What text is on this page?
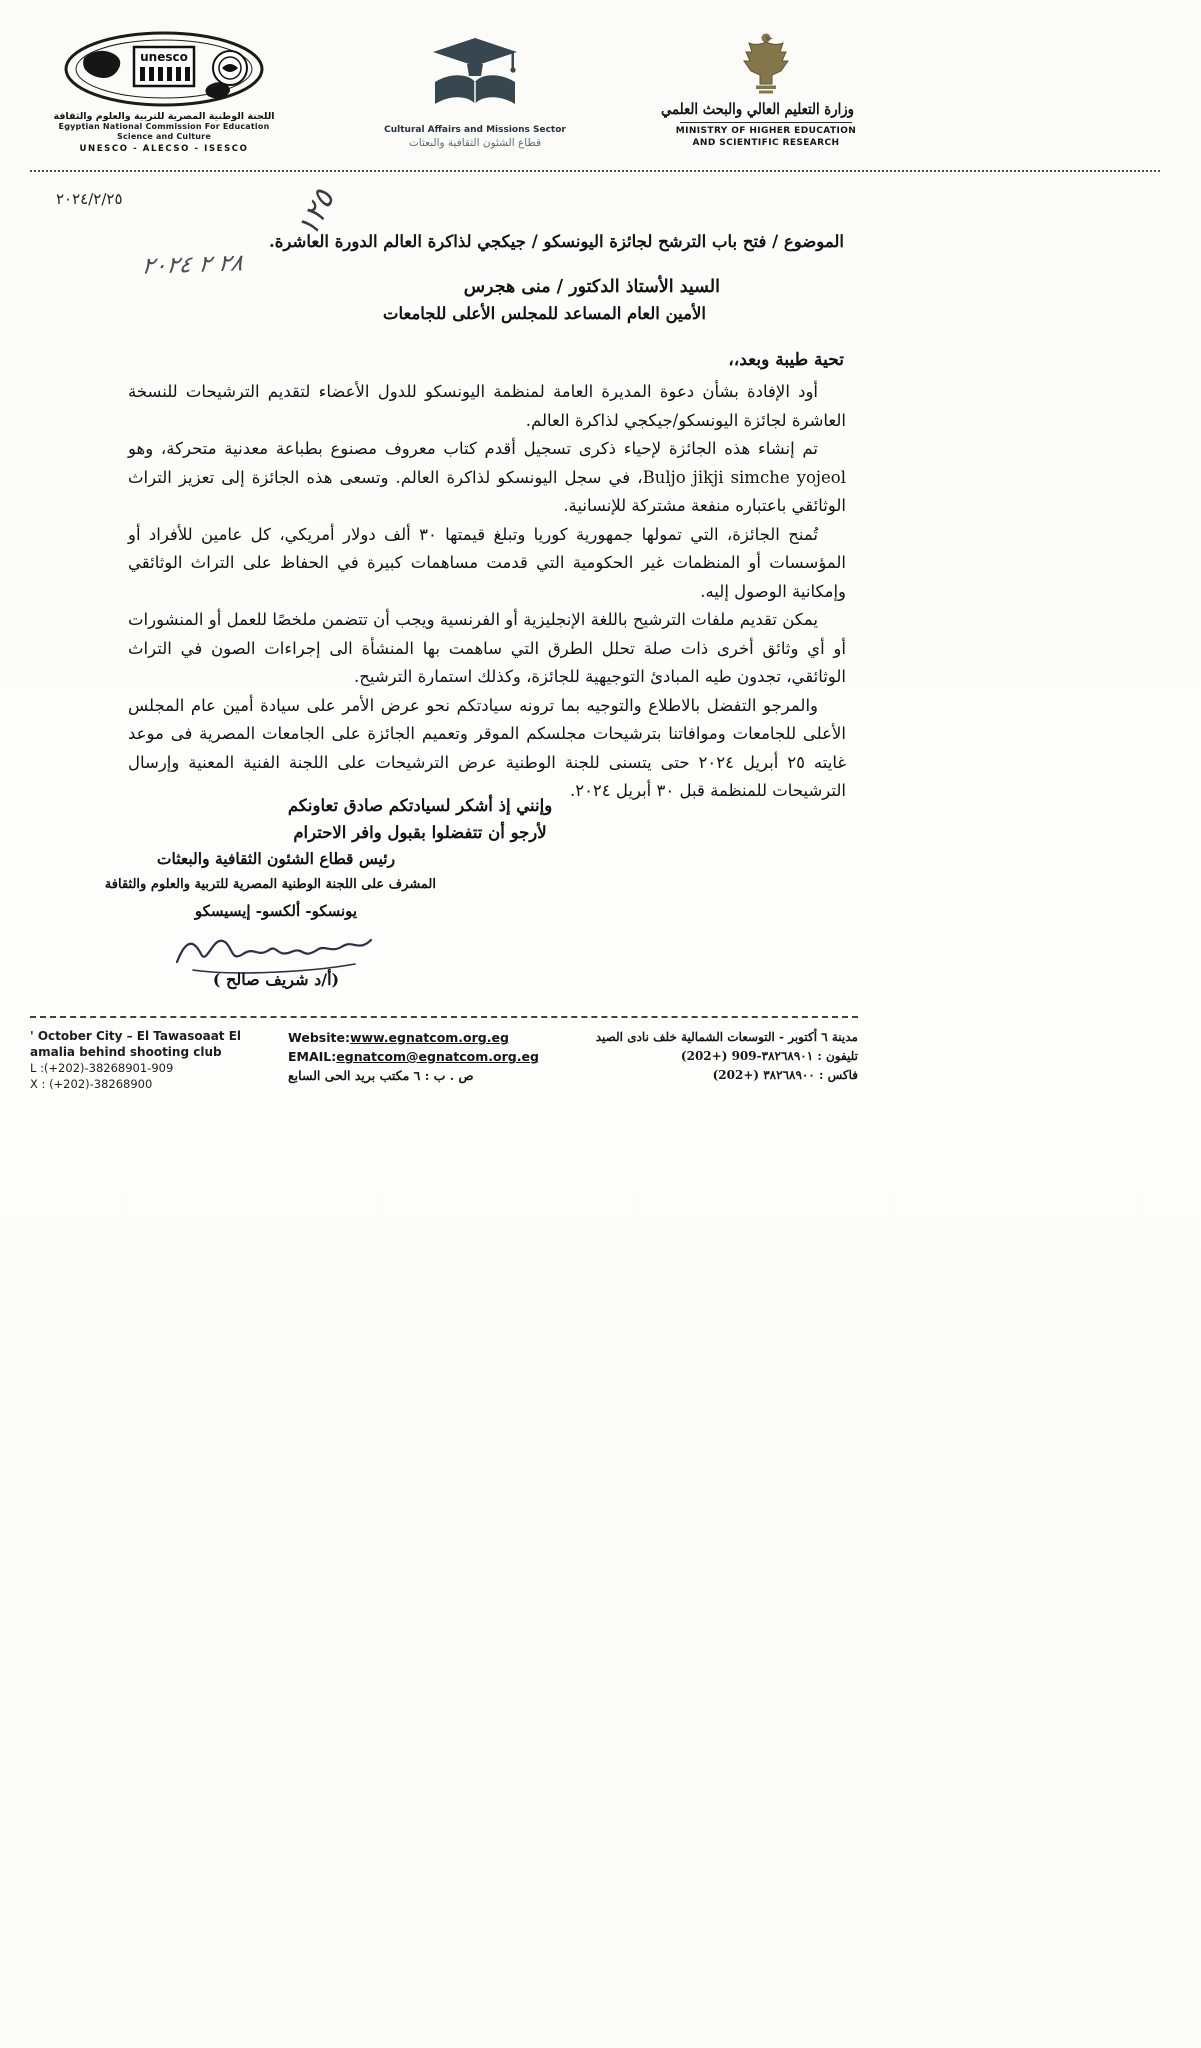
unesco
اللجنة الوطنية المصرية للتربية والعلوم والثقافة
Egyptian National Commission For Education
Science and Culture
UNESCO - ALECSO - ISESCO
Cultural Affairs and Missions Sector
قطاع الشئون الثقافية والبعثات
وزارة التعليم العالي والبحث العلمي
MINISTRY OF HIGHER EDUCATION
AND SCIENTIFIC RESEARCH
٢٠٢٤/٢/٢٥	١٢٥
٢٨ ٢ ٢٠٢٤
الموضوع / فتح باب الترشح لجائزة اليونسكو / جيكجي لذاكرة العالم الدورة العاشرة.
السيد الأستاذ الدكتور / منى هجرس
الأمين العام المساعد للمجلس الأعلى للجامعات
تحية طيبة وبعد،،

أود الإفادة بشأن دعوة المديرة العامة لمنظمة اليونسكو للدول الأعضاء لتقديم الترشيحات للنسخة العاشرة لجائزة اليونسكو/جيكجي لذاكرة العالم.

تم إنشاء هذه الجائزة لإحياء ذكرى تسجيل أقدم كتاب معروف مصنوع بطباعة معدنية متحركة، وهو Buljo jikji simche yojeol، في سجل اليونسكو لذاكرة العالم. وتسعى هذه الجائزة إلى تعزيز التراث الوثائقي باعتباره منفعة مشتركة للإنسانية.

تُمنح الجائزة، التي تمولها جمهورية كوريا وتبلغ قيمتها ٣٠ ألف دولار أمريكي، كل عامين للأفراد أو المؤسسات أو المنظمات غير الحكومية التي قدمت مساهمات كبيرة في الحفاظ على التراث الوثائقي وإمكانية الوصول إليه.

يمكن تقديم ملفات الترشيح باللغة الإنجليزية أو الفرنسية ويجب أن تتضمن ملخصًا للعمل أو المنشورات أو أي وثائق أخرى ذات صلة تحلل الطرق التي ساهمت بها المنشأة الى إجراءات الصون في التراث الوثائقي، تجدون طيه المبادئ التوجيهية للجائزة، وكذلك استمارة الترشيح.

والمرجو التفضل بالاطلاع والتوجيه بما ترونه سيادتكم نحو عرض الأمر على سيادة أمين عام المجلس الأعلى للجامعات وموافاتنا بترشيحات مجلسكم الموقر وتعميم الجائزة على الجامعات المصرية فى موعد غايته ٢٥ أبريل ٢٠٢٤ حتى يتسنى للجنة الوطنية عرض الترشيحات على اللجنة الفنية المعنية وإرسال الترشيحات للمنظمة قبل ٣٠ أبريل ٢٠٢٤.

وإنني إذ أشكر لسيادتكم صادق تعاونكم
لأرجو أن تتفضلوا بقبول وافر الاحترام
رئيس قطاع الشئون الثقافية والبعثات
المشرف على اللجنة الوطنية المصرية للتربية والعلوم والثقافة
يونسكو- ألكسو- إيسيسكو
(أ/د شريف صالح )
' October City – El Tawasoaat El
amalia behind shooting club
L :(+202)-38268901-909
X : (+202)-38268900
Website:www.egnatcom.org.eg
EMAIL:egnatcom@egnatcom.org.eg
ص . ب : ٦ مكتب بريد الحى السابع
مدينة ٦ أكتوبر - التوسعات الشمالية خلف نادى الصيد
تليفون : ٣٨٢٦٨٩٠١-909 (+202)
فاكس : ٣٨٢٦٨٩٠٠ (+202)
